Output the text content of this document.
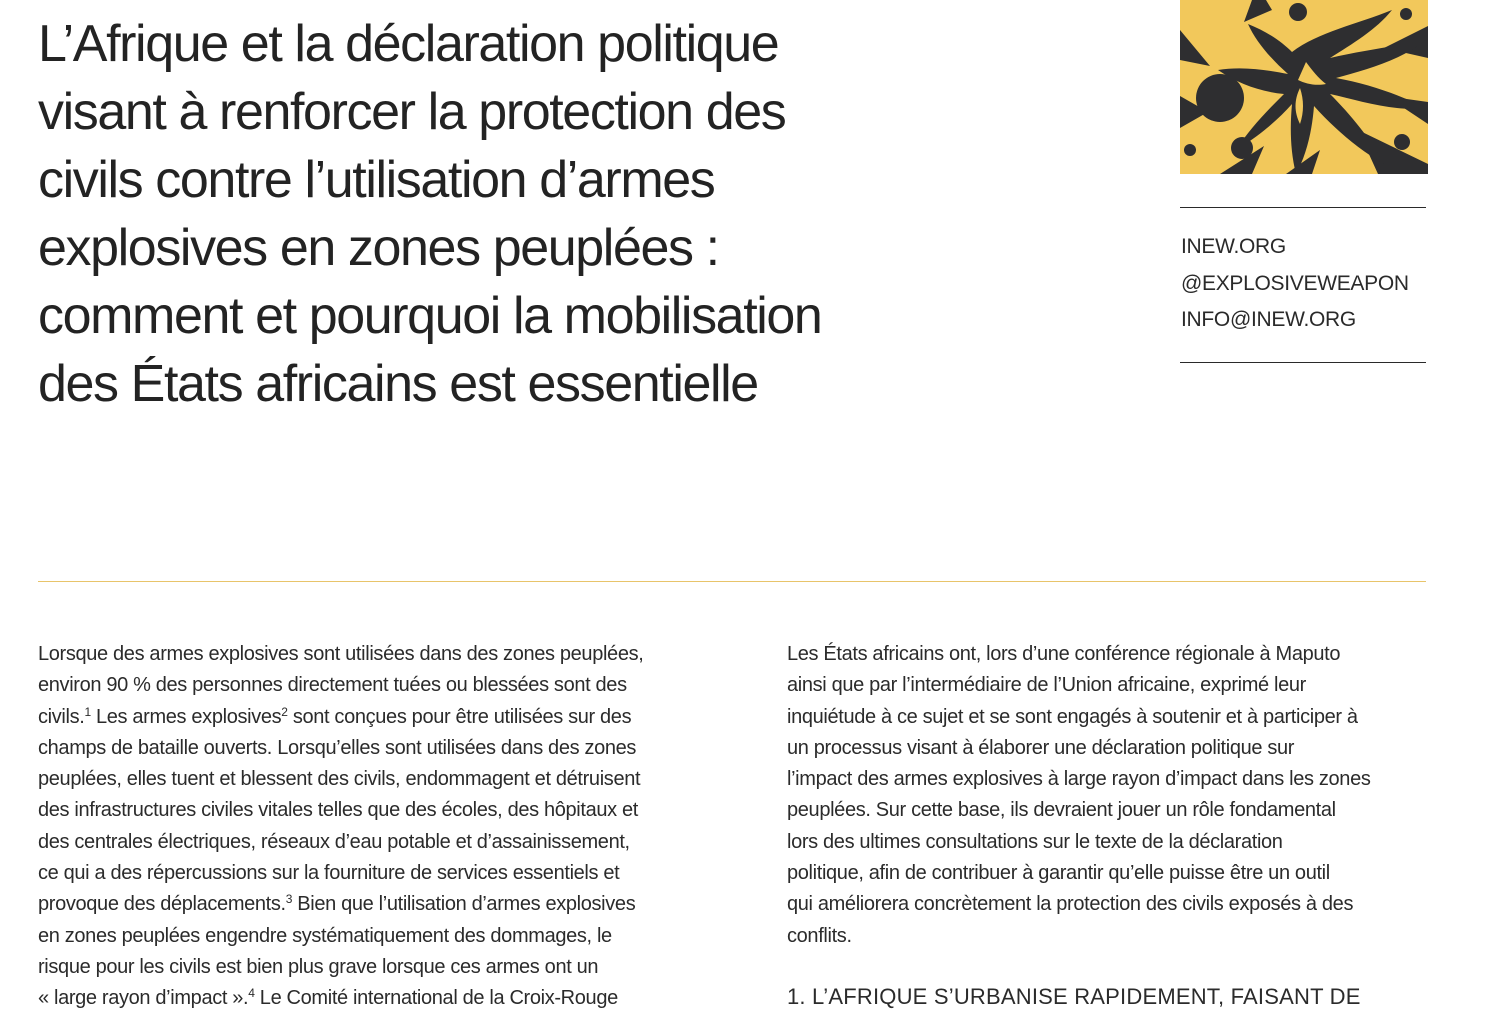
L’Afrique et la déclaration politique
visant à renforcer la protection des
civils contre l’utilisation d’armes
explosives en zones peuplées :
comment et pourquoi la mobilisation
des États africains est essentielle
INEW.ORG
@EXPLOSIVEWEAPON
INFO@INEW.ORG

Lorsque des armes explosives sont utilisées dans des zones peuplées,
environ 90 % des personnes directement tuées ou blessées sont des
civils.$^1$ Les armes explosives$^2$ sont conçues pour être utilisées sur des
champs de bataille ouverts. Lorsqu’elles sont utilisées dans des zones
peuplées, elles tuent et blessent des civils, endommagent et détruisent
des infrastructures civiles vitales telles que des écoles, des hôpitaux et
des centrales électriques, réseaux d’eau potable et d’assainissement,
ce qui a des répercussions sur la fourniture de services essentiels et
provoque des déplacements.$^3$ Bien que l’utilisation d’armes explosives
en zones peuplées engendre systématiquement des dommages, le
risque pour les civils est bien plus grave lorsque ces armes ont un
« large rayon d’impact ».$^4$ Le Comité international de la Croix-Rouge

Les États africains ont, lors d’une conférence régionale à Maputo
ainsi que par l’intermédiaire de l’Union africaine, exprimé leur
inquiétude à ce sujet et se sont engagés à soutenir et à participer à
un processus visant à élaborer une déclaration politique sur
l’impact des armes explosives à large rayon d’impact dans les zones
peuplées. Sur cette base, ils devraient jouer un rôle fondamental
lors des ultimes consultations sur le texte de la déclaration
politique, afin de contribuer à garantir qu’elle puisse être un outil
qui améliorera concrètement la protection des civils exposés à des
conflits.

1. L’AFRIQUE S’URBANISE RAPIDEMENT, FAISANT DE
